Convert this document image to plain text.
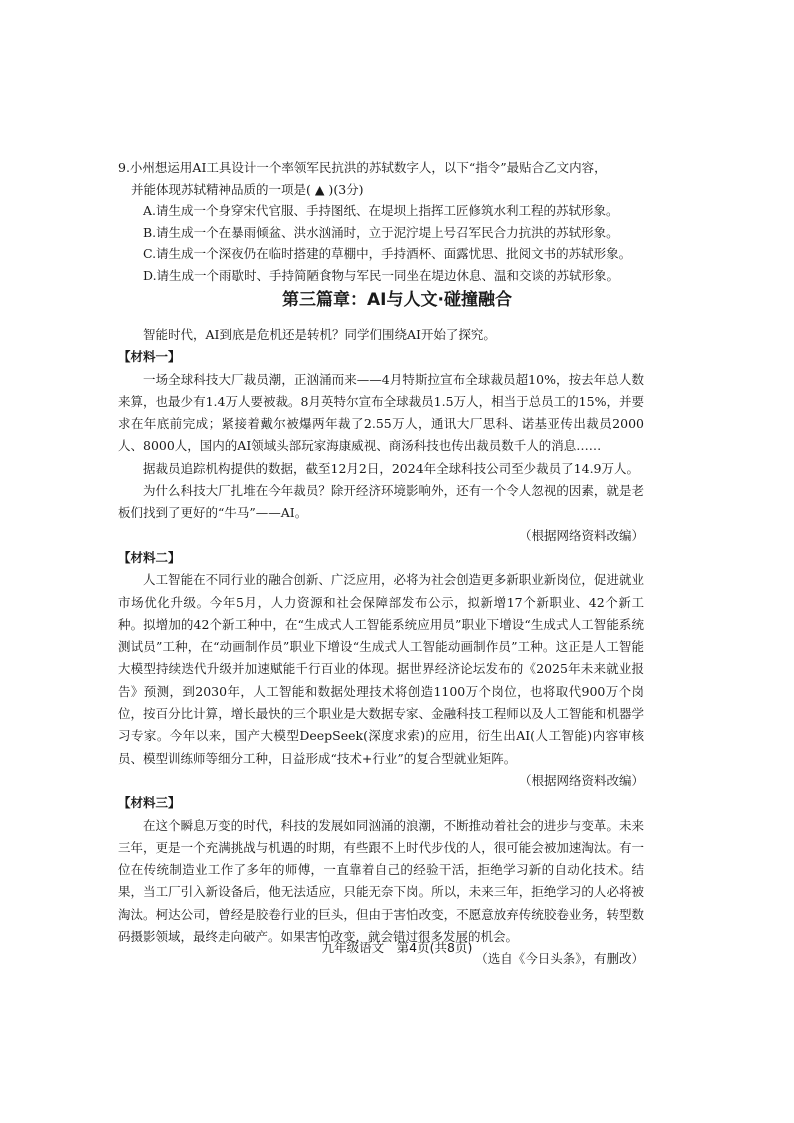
9.小州想运用AI工具设计一个率领军民抗洪的苏轼数字人，以下“指令”最贴合乙文内容，

并能体现苏轼精神品质的一项是( ▲ )(3分)

A.请生成一个身穿宋代官服、手持图纸、在堤坝上指挥工匠修筑水利工程的苏轼形象。

B.请生成一个在暴雨倾盆、洪水汹涌时，立于泥泞堤上号召军民合力抗洪的苏轼形象。

C.请生成一个深夜仍在临时搭建的草棚中，手持酒杯、面露忧思、批阅文书的苏轼形象。

D.请生成一个雨歇时、手持简陋食物与军民一同坐在堤边休息、温和交谈的苏轼形象。

第三篇章：AI与人文·碰撞融合

智能时代，AI到底是危机还是转机？同学们围绕AI开始了探究。

【材料一】

一场全球科技大厂裁员潮，正汹涌而来——4月特斯拉宣布全球裁员超10%，按去年总人数来算，也最少有1.4万人要被裁。8月英特尔宣布全球裁员1.5万人，相当于总员工的15%，并要求在年底前完成；紧接着戴尔被爆两年裁了2.55万人，通讯大厂思科、诺基亚传出裁员2000人、8000人，国内的AI领域头部玩家海康威视、商汤科技也传出裁员数千人的消息……

据裁员追踪机构提供的数据，截至12月2日，2024年全球科技公司至少裁员了14.9万人。

为什么科技大厂扎堆在今年裁员？除开经济环境影响外，还有一个令人忽视的因素，就是老板们找到了更好的“牛马”——AI。

（根据网络资料改编）

【材料二】

人工智能在不同行业的融合创新、广泛应用，必将为社会创造更多新职业新岗位，促进就业市场优化升级。今年5月，人力资源和社会保障部发布公示，拟新增17个新职业、42个新工种。拟增加的42个新工种中，在“生成式人工智能系统应用员”职业下增设“生成式人工智能系统测试员”工种，在“动画制作员”职业下增设“生成式人工智能动画制作员”工种。这正是人工智能大模型持续迭代升级并加速赋能千行百业的体现。据世界经济论坛发布的《2025年未来就业报告》预测，到2030年，人工智能和数据处理技术将创造1100万个岗位，也将取代900万个岗位，按百分比计算，增长最快的三个职业是大数据专家、金融科技工程师以及人工智能和机器学习专家。今年以来，国产大模型DeepSeek(深度求索)的应用，衍生出AI(人工智能)内容审核员、模型训练师等细分工种，日益形成“技术+行业”的复合型就业矩阵。

（根据网络资料改编）

【材料三】

在这个瞬息万变的时代，科技的发展如同汹涌的浪潮，不断推动着社会的进步与变革。未来三年，更是一个充满挑战与机遇的时期，有些跟不上时代步伐的人，很可能会被加速淘汰。有一位在传统制造业工作了多年的师傅，一直靠着自己的经验干活，拒绝学习新的自动化技术。结果，当工厂引入新设备后，他无法适应，只能无奈下岗。所以，未来三年，拒绝学习的人必将被淘汰。柯达公司，曾经是胶卷行业的巨头，但由于害怕改变，不愿意放弃传统胶卷业务，转型数码摄影领域，最终走向破产。如果害怕改变，就会错过很多发展的机会。

（选自《今日头条》，有删改）

九年级语文　第4页(共8页)
